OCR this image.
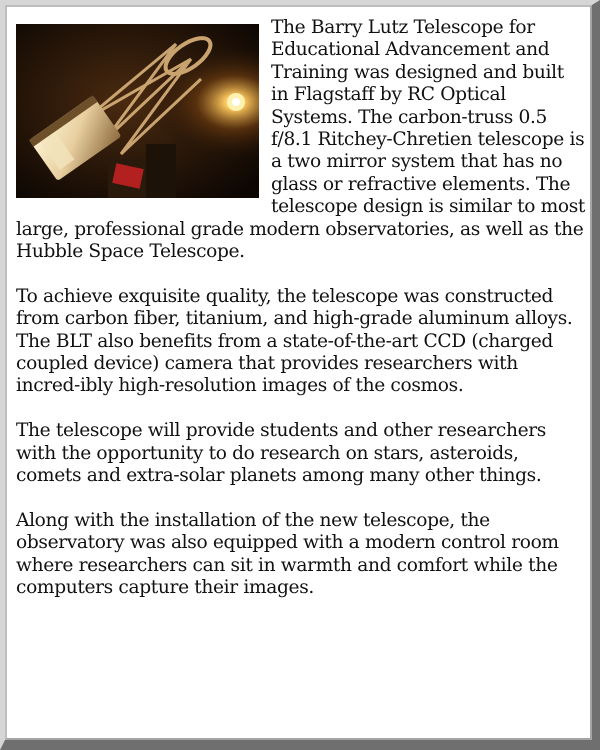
The Barry Lutz Telescope for Educational Advancement and Training was designed and built in Flagstaff by RC Optical Systems. The carbon-truss 0.5 f/8.1 Ritchey-Chretien telescope is a two mirror system that has no glass or refractive elements. The telescope design is similar to most large, professional grade modern observatories, as well as the Hubble Space Telescope.

To achieve exquisite quality, the telescope was constructed from carbon fiber, titanium, and high-grade aluminum alloys. The BLT also benefits from a state-of-the-art CCD (charged coupled device) camera that provides researchers with incred-ibly high-resolution images of the cosmos.

The telescope will provide students and other researchers with the opportunity to do research on stars, asteroids, comets and extra-solar planets among many other things.

Along with the installation of the new telescope, the observatory was also equipped with a modern control room where researchers can sit in warmth and comfort while the computers capture their images.
